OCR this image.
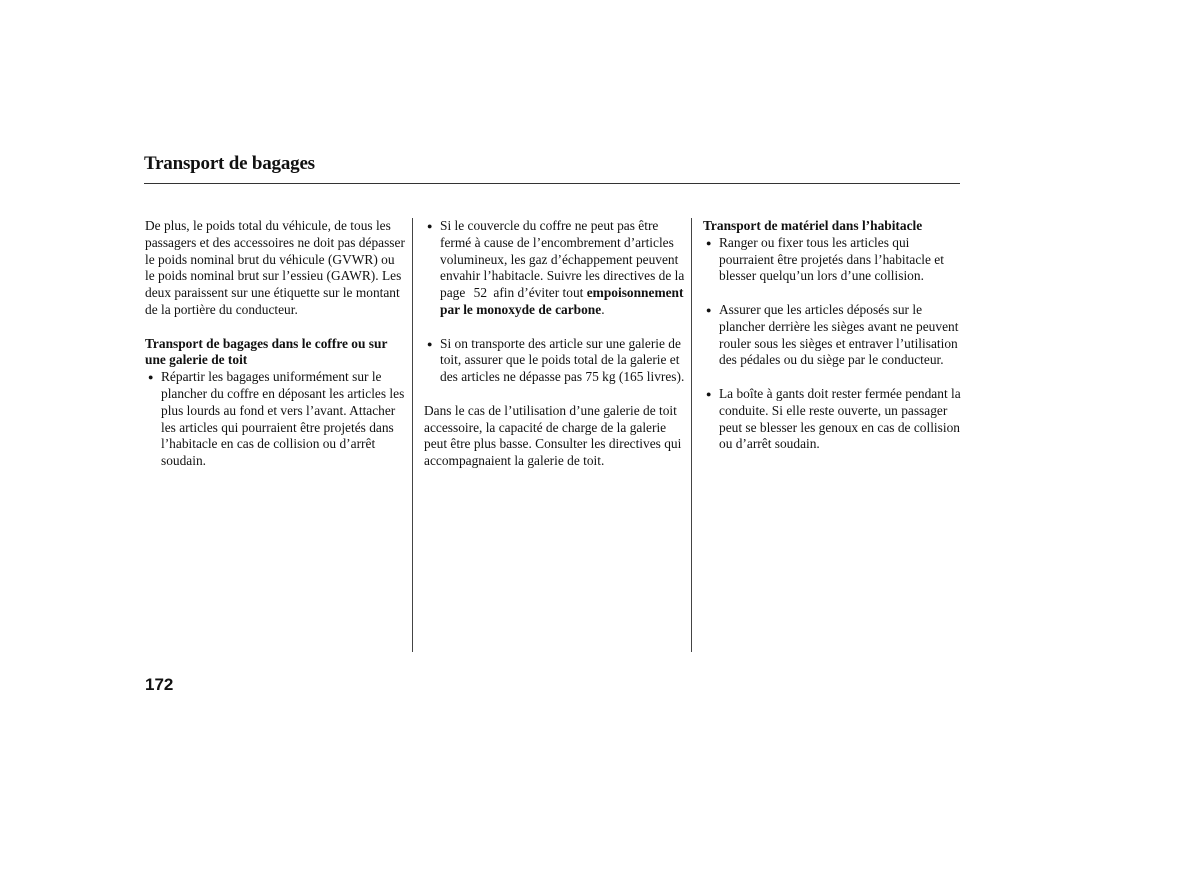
Transport de bagages

De plus, le poids total du véhicule, de tous les passagers et des accessoires ne doit pas dépasser le poids nominal brut du véhicule (GVWR) ou le poids nominal brut sur l’essieu (GAWR). Les deux paraissent sur une étiquette sur le montant de la portière du conducteur.

Transport de bagages dans le coffre ou sur une galerie de toit

● Répartir les bagages uniformément sur le plancher du coffre en déposant les articles les plus lourds au fond et vers l’avant. Attacher les articles qui pourraient être projetés dans l’habitacle en cas de collision ou d’arrêt soudain.
● Si le couvercle du coffre ne peut pas être fermé à cause de l’encombrement d’articles volumineux, les gaz d’échappement peuvent envahir l’habitacle. Suivre les directives de la page 52 afin d’éviter tout empoisonnement par le monoxyde de carbone.
● Si on transporte des article sur une galerie de toit, assurer que le poids total de la galerie et des articles ne dépasse pas 75 kg (165 livres).

Dans le cas de l’utilisation d’une galerie de toit accessoire, la capacité de charge de la galerie peut être plus basse. Consulter les directives qui accompagnaient la galerie de toit.

Transport de matériel dans l’habitacle

● Ranger ou fixer tous les articles qui pourraient être projetés dans l’habitacle et blesser quelqu’un lors d’une collision.
● Assurer que les articles déposés sur le plancher derrière les sièges avant ne peuvent rouler sous les sièges et entraver l’utilisation des pédales ou du siège par le conducteur.
● La boîte à gants doit rester fermée pendant la conduite. Si elle reste ouverte, un passager peut se blesser les genoux en cas de collision ou d’arrêt soudain.
172
